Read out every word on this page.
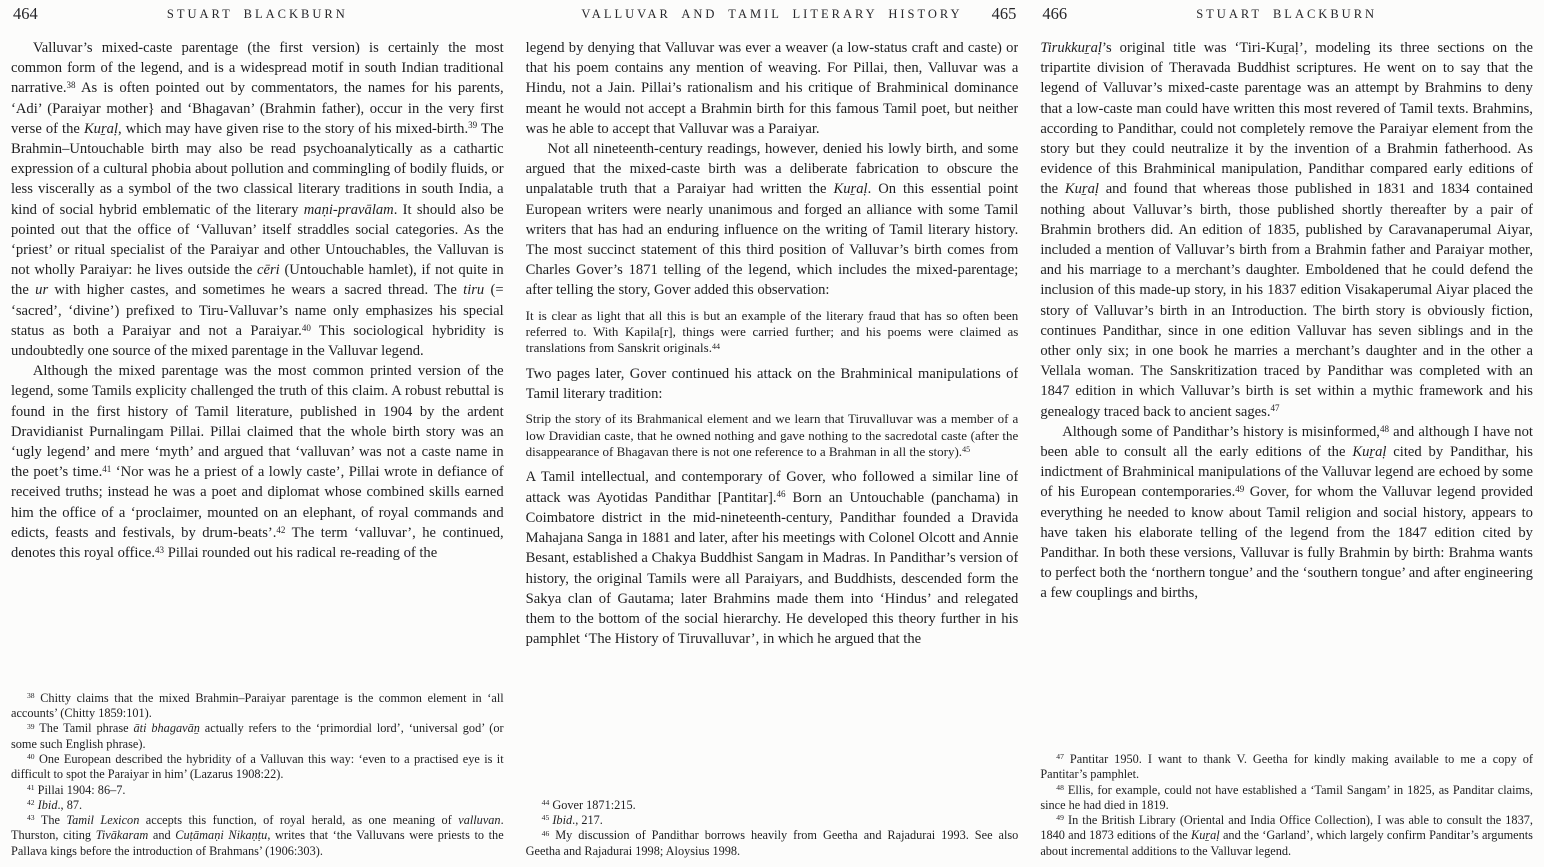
464	STUART BLACKBURN

Valluvar’s mixed-caste parentage (the first version) is certainly the most common form of the legend, and is a widespread motif in south Indian traditional narrative.$^{38}$ As is often pointed out by commentators, the names for his parents, ‘Adi’ (Paraiyar mother} and ‘Bhagavan’ (Brahmin father), occur in the very first verse of the Kuṟaḷ, which may have given rise to the story of his mixed-birth.$^{39}$ The Brahmin–Untouchable birth may also be read psychoanalytically as a cathartic expression of a cultural phobia about pollution and commingling of bodily fluids, or less viscerally as a symbol of the two classical literary traditions in south India, a kind of social hybrid emblematic of the literary maṇi-pravālam. It should also be pointed out that the office of ‘Valluvan’ itself straddles social categories. As the ‘priest’ or ritual specialist of the Paraiyar and other Untouchables, the Valluvan is not wholly Paraiyar: he lives outside the cēri (Untouchable hamlet), if not quite in the ur with higher castes, and sometimes he wears a sacred thread. The tiru (= ‘sacred’, ‘divine’) prefixed to Tiru-Valluvar’s name only emphasizes his special status as both a Paraiyar and not a Paraiyar.$^{40}$ This sociological hybridity is undoubtedly one source of the mixed parentage in the Valluvar legend.

Although the mixed parentage was the most common printed version of the legend, some Tamils explicity challenged the truth of this claim. A robust rebuttal is found in the first history of Tamil literature, published in 1904 by the ardent Dravidianist Purnalingam Pillai. Pillai claimed that the whole birth story was an ‘ugly legend’ and mere ‘myth’ and argued that ‘valluvan’ was not a caste name in the poet’s time.$^{41}$ ‘Nor was he a priest of a lowly caste’, Pillai wrote in defiance of received truths; instead he was a poet and diplomat whose combined skills earned him the office of a ‘proclaimer, mounted on an elephant, of royal commands and edicts, feasts and festivals, by drum-beats’.$^{42}$ The term ‘valluvar’, he continued, denotes this royal office.$^{43}$ Pillai rounded out his radical re-reading of the

$^{38}$ Chitty claims that the mixed Brahmin–Paraiyar parentage is the common element in ‘all accounts’ (Chitty 1859:101).

$^{39}$ The Tamil phrase āti bhagavāṉ actually refers to the ‘primordial lord’, ‘universal god’ (or some such English phrase).

$^{40}$ One European described the hybridity of a Valluvan this way: ‘even to a practised eye is it difficult to spot the Paraiyar in him’ (Lazarus 1908:22).

$^{41}$ Pillai 1904: 86–7.

$^{42}$ Ibid., 87.

$^{43}$ The Tamil Lexicon accepts this function, of royal herald, as one meaning of valluvan. Thurston, citing Tivākaram and Cuṭāmaṇi Nikaṇṭu, writes that ‘the Valluvans were priests to the Pallava kings before the introduction of Brahmans’ (1906:303).

VALLUVAR AND TAMIL LITERARY HISTORY	465

legend by denying that Valluvar was ever a weaver (a low-status craft and caste) or that his poem contains any mention of weaving. For Pillai, then, Valluvar was a Hindu, not a Jain. Pillai’s rationalism and his critique of Brahminical dominance meant he would not accept a Brahmin birth for this famous Tamil poet, but neither was he able to accept that Valluvar was a Paraiyar.

Not all nineteenth-century readings, however, denied his lowly birth, and some argued that the mixed-caste birth was a deliberate fabrication to obscure the unpalatable truth that a Paraiyar had written the Kuṟaḷ. On this essential point European writers were nearly unanimous and forged an alliance with some Tamil writers that has had an enduring influence on the writing of Tamil literary history. The most succinct statement of this third position of Valluvar’s birth comes from Charles Gover’s 1871 telling of the legend, which includes the mixed-parentage; after telling the story, Gover added this observation:

It is clear as light that all this is but an example of the literary fraud that has so often been referred to. With Kapila[r], things were carried further; and his poems were claimed as translations from Sanskrit originals.$^{44}$

Two pages later, Gover continued his attack on the Brahminical manipulations of Tamil literary tradition:

Strip the story of its Brahmanical element and we learn that Tiruvalluvar was a member of a low Dravidian caste, that he owned nothing and gave nothing to the sacredotal caste (after the disappearance of Bhagavan there is not one reference to a Brahman in all the story).$^{45}$

A Tamil intellectual, and contemporary of Gover, who followed a similar line of attack was Ayotidas Pandithar [Pantitar].$^{46}$ Born an Untouchable (panchama) in Coimbatore district in the mid-nineteenth-century, Pandithar founded a Dravida Mahajana Sanga in 1881 and later, after his meetings with Colonel Olcott and Annie Besant, established a Chakya Buddhist Sangam in Madras. In Pandithar’s version of history, the original Tamils were all Paraiyars, and Buddhists, descended form the Sakya clan of Gautama; later Brahmins made them into ‘Hindus’ and relegated them to the bottom of the social hierarchy. He developed this theory further in his pamphlet ‘The History of Tiruvalluvar’, in which he argued that the

$^{44}$ Gover 1871:215.

$^{45}$ Ibid., 217.

$^{46}$ My discussion of Pandithar borrows heavily from Geetha and Rajadurai 1993. See also Geetha and Rajadurai 1998; Aloysius 1998.

466	STUART BLACKBURN

Tirukkuṟaḷ’s original title was ‘Tiri-Kuṟaḷ’, modeling its three sections on the tripartite division of Theravada Buddhist scriptures. He went on to say that the legend of Valluvar’s mixed-caste parentage was an attempt by Brahmins to deny that a low-caste man could have written this most revered of Tamil texts. Brahmins, according to Pandithar, could not completely remove the Paraiyar element from the story but they could neutralize it by the invention of a Brahmin fatherhood. As evidence of this Brahminical manipulation, Pandithar compared early editions of the Kuṟaḷ and found that whereas those published in 1831 and 1834 contained nothing about Valluvar’s birth, those published shortly thereafter by a pair of Brahmin brothers did. An edition of 1835, published by Caravanaperumal Aiyar, included a mention of Valluvar’s birth from a Brahmin father and Paraiyar mother, and his marriage to a merchant’s daughter. Emboldened that he could defend the inclusion of this made-up story, in his 1837 edition Visakaperumal Aiyar placed the story of Valluvar’s birth in an Introduction. The birth story is obviously fiction, continues Pandithar, since in one edition Valluvar has seven siblings and in the other only six; in one book he marries a merchant’s daughter and in the other a Vellala woman. The Sanskritization traced by Pandithar was completed with an 1847 edition in which Valluvar’s birth is set within a mythic framework and his genealogy traced back to ancient sages.$^{47}$

Although some of Pandithar’s history is misinformed,$^{48}$ and although I have not been able to consult all the early editions of the Kuṟaḷ cited by Pandithar, his indictment of Brahminical manipulations of the Valluvar legend are echoed by some of his European contemporaries.$^{49}$ Gover, for whom the Valluvar legend provided everything he needed to know about Tamil religion and social history, appears to have taken his elaborate telling of the legend from the 1847 edition cited by Pandithar. In both these versions, Valluvar is fully Brahmin by birth: Brahma wants to perfect both the ‘northern tongue’ and the ‘southern tongue’ and after engineering a few couplings and births,

$^{47}$ Pantitar 1950. I want to thank V. Geetha for kindly making available to me a copy of Pantitar’s pamphlet.

$^{48}$ Ellis, for example, could not have established a ‘Tamil Sangam’ in 1825, as Panditar claims, since he had died in 1819.

$^{49}$ In the British Library (Oriental and India Office Collection), I was able to consult the 1837, 1840 and 1873 editions of the Kuṟaḷ and the ‘Garland’, which largely confirm Panditar’s arguments about incremental additions to the Valluvar legend.
